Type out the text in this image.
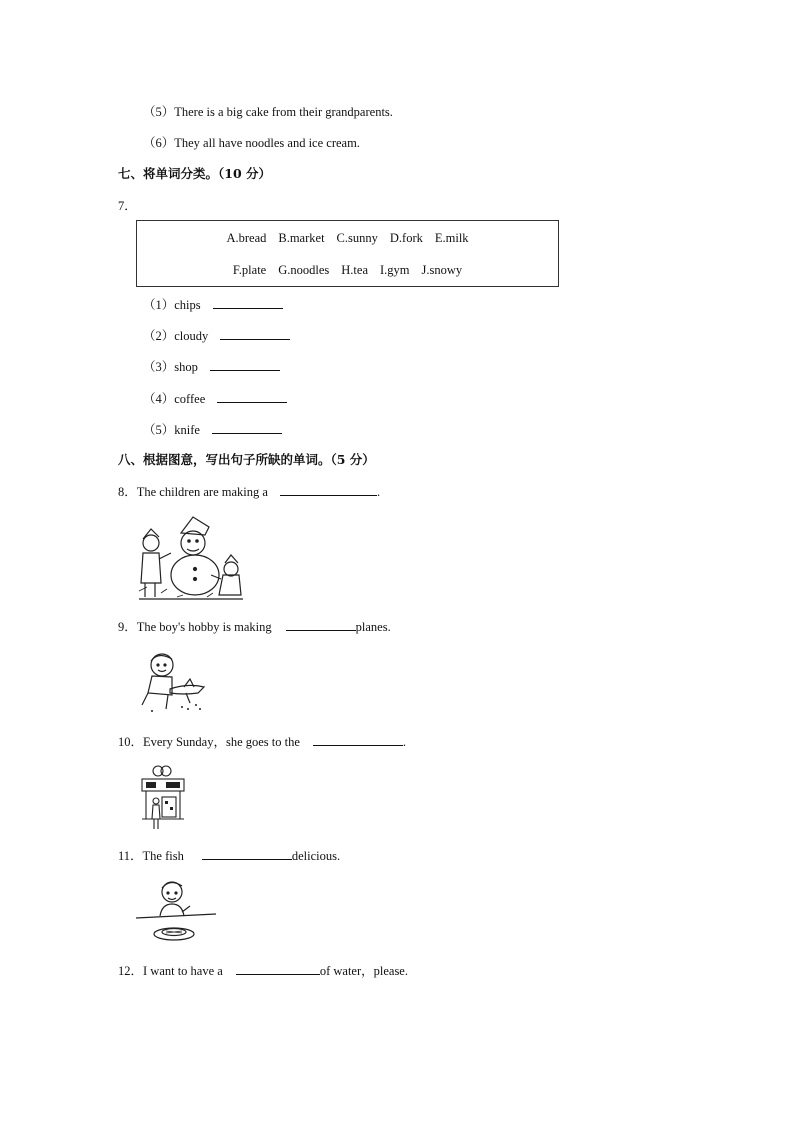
（5）There is a big cake from their grandparents.
（6）They all have noodles and ice cream.
七、将单词分类。（10 分）
7．
A.bread B.market C.sunny D.fork E.milk
F.plate G.noodles H.tea I.gym J.snowy
（1）chips
（2）cloudy
（3）shop
（4）coffee
（5）knife
八、根据图意，写出句子所缺的单词。（5 分）
8．The children are making a	.
9．The boy's hobby is making	planes.
10．Every Sunday，she goes to the	.
11．The fish	delicious.
12．I want to have a	of water，please.
